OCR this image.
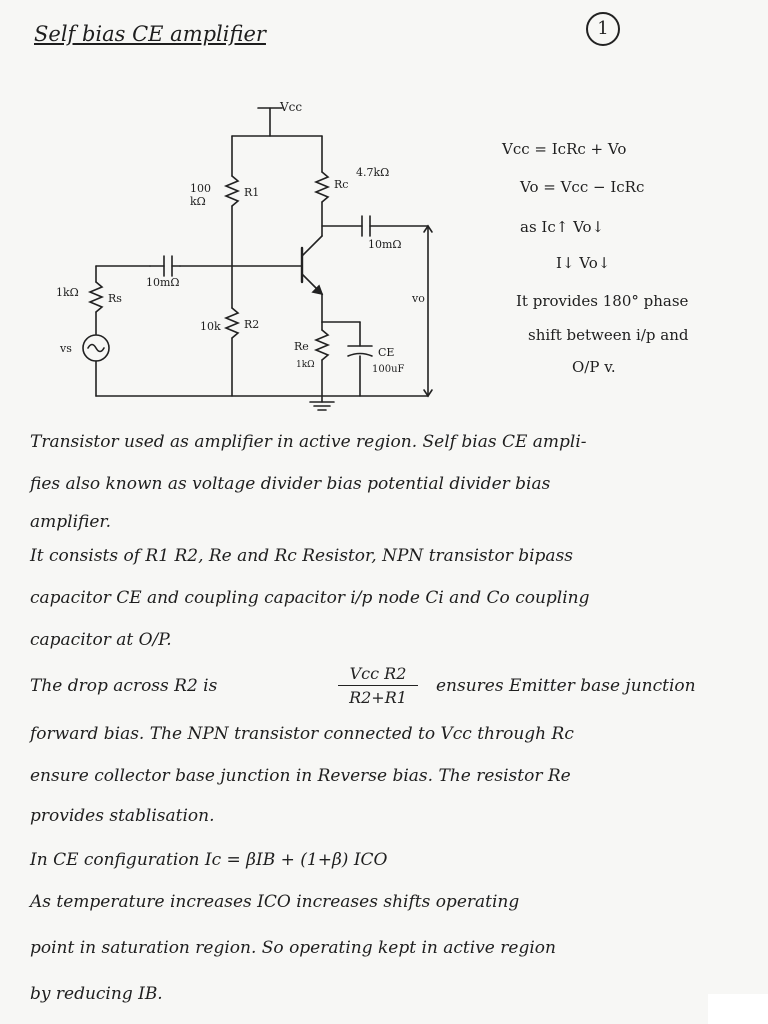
Self bias CE amplifier	1
Vcc
100 kΩ
R1
Rc
4.7kΩ
10mΩ
10mΩ
Rs
1kΩ
vs
10k R2
Re
1kΩ
CE
100uF
vo
Vcc = IcRc + Vo
Vo = Vcc − IcRc
as Ic↑ Vo↓
I↓ Vo↓
It provides 180° phase
shift between i/p and
O/P v.
Transistor used as amplifier in active region. Self bias CE ampli-
fies also known as voltage divider bias potential divider bias
amplifier.
It consists of R1 R2, Re and Rc Resistor, NPN transistor bipass
capacitor CE and coupling capacitor i/p node Ci and Co coupling
capacitor at O/P.
The drop across R2 is
Vcc R2
R2+R1
ensures Emitter base junction
forward bias. The NPN transistor connected to Vcc through Rc
ensure collector base junction in Reverse bias. The resistor Re
provides stablisation.
In CE configuration Ic = βIB + (1+β) ICO
As temperature increases ICO increases shifts operating
point in saturation region. So operating kept in active region
by reducing IB.
